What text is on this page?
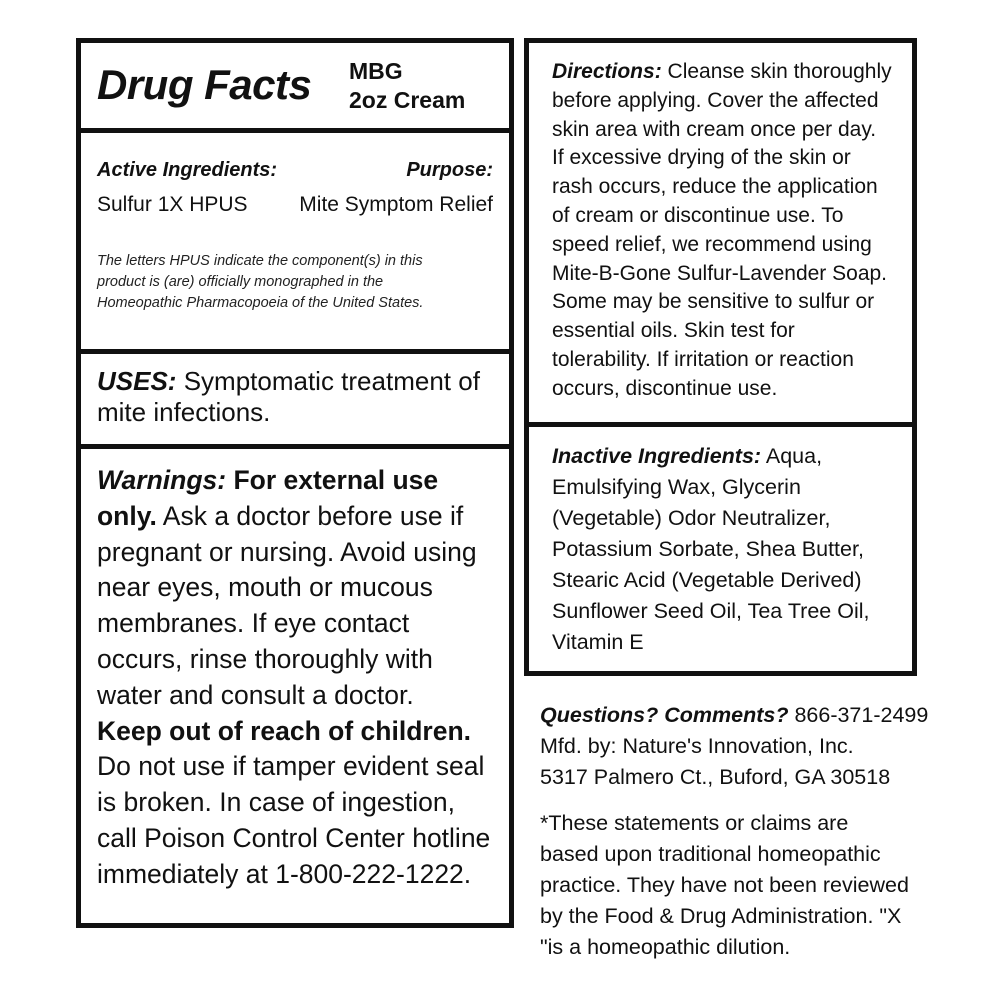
Drug Facts MBG
2oz Cream
Active Ingredients:	Purpose:
Sulfur 1X HPUS Mite Symptom Relief
The letters HPUS indicate the component(s) in this
product is (are) officially monographed in the
Homeopathic Pharmacopoeia of the United States.
USES: Symptomatic treatment of
mite infections.
Warnings: For external use
only. Ask a doctor before use if
pregnant or nursing. Avoid using
near eyes, mouth or mucous
membranes. If eye contact
occurs, rinse thoroughly with
water and consult a doctor.
Keep out of reach of children.
Do not use if tamper evident seal
is broken. In case of ingestion,
call Poison Control Center hotline
immediately at 1-800-222-1222.
Directions: Cleanse skin thoroughly
before applying. Cover the affected
skin area with cream once per day.
If excessive drying of the skin or
rash occurs, reduce the application
of cream or discontinue use. To
speed relief, we recommend using
Mite-B-Gone Sulfur-Lavender Soap.
Some may be sensitive to sulfur or
essential oils. Skin test for
tolerability. If irritation or reaction
occurs, discontinue use.
Inactive Ingredients: Aqua,
Emulsifying Wax, Glycerin
(Vegetable) Odor Neutralizer,
Potassium Sorbate, Shea Butter,
Stearic Acid (Vegetable Derived)
Sunflower Seed Oil, Tea Tree Oil,
Vitamin E
Questions? Comments? 866-371-2499
Mfd. by: Nature's Innovation, Inc.
5317 Palmero Ct., Buford, GA 30518
*These statements or claims are
based upon traditional homeopathic
practice. They have not been reviewed
by the Food & Drug Administration. "X
"is a homeopathic dilution.
